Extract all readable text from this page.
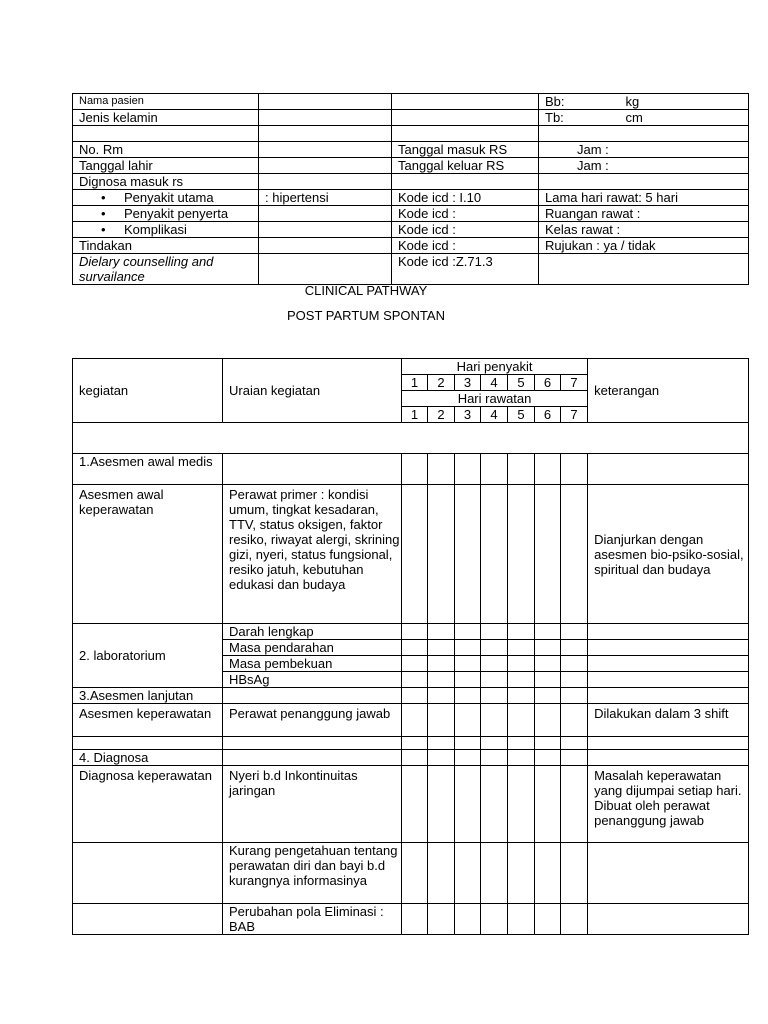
Nama pasien			Bb: kg

Jenis kelamin			Tb: cm

No. Rm		Tanggal masuk RS	Jam :
Tanggal lahir		Tanggal keluar RS	Jam :
Dignosa masuk rs			
• Penyakit utama	: hipertensi	Kode icd : I.10	Lama hari rawat: 5 hari
• Penyakit penyerta		Kode icd :	Ruangan rawat :
• Komplikasi		Kode icd :	Kelas rawat :
Tindakan		Kode icd :	Rujukan : ya / tidak
Dielary counselling and survailance		Kode icd :Z.71.3	
CLINICAL PATHWAY
POST PARTUM SPONTAN
kegiatan	Uraian kegiatan	Hari penyakit							keterangan
		1	2	3	4	5	6	7	
		Hari rawatan							
		1	2	3	4	5	6	7	

1.Asesmen awal medis									
Asesmen awal keperawatan	Perawat primer : kondisi umum, tingkat kesadaran, TTV, status oksigen, faktor resiko, riwayat alergi, skrining gizi, nyeri, status fungsional, resiko jatuh, kebutuhan edukasi dan budaya								Dianjurkan dengan asesmen bio-psiko-sosial, spiritual dan budaya
2. laboratorium	Darah lengkap								
	Masa pendarahan								
	Masa pembekuan								
	HBsAg								
3.Asesmen lanjutan									
Asesmen keperawatan	Perawat penanggung jawab								Dilakukan dalam 3 shift

4. Diagnosa									
Diagnosa keperawatan	Nyeri b.d Inkontinuitas jaringan								Masalah keperawatan yang dijumpai setiap hari. Dibuat oleh perawat penanggung jawab
	Kurang pengetahuan tentang perawatan diri dan bayi b.d kurangnya informasinya								
	Perubahan pola Eliminasi : BAB								
